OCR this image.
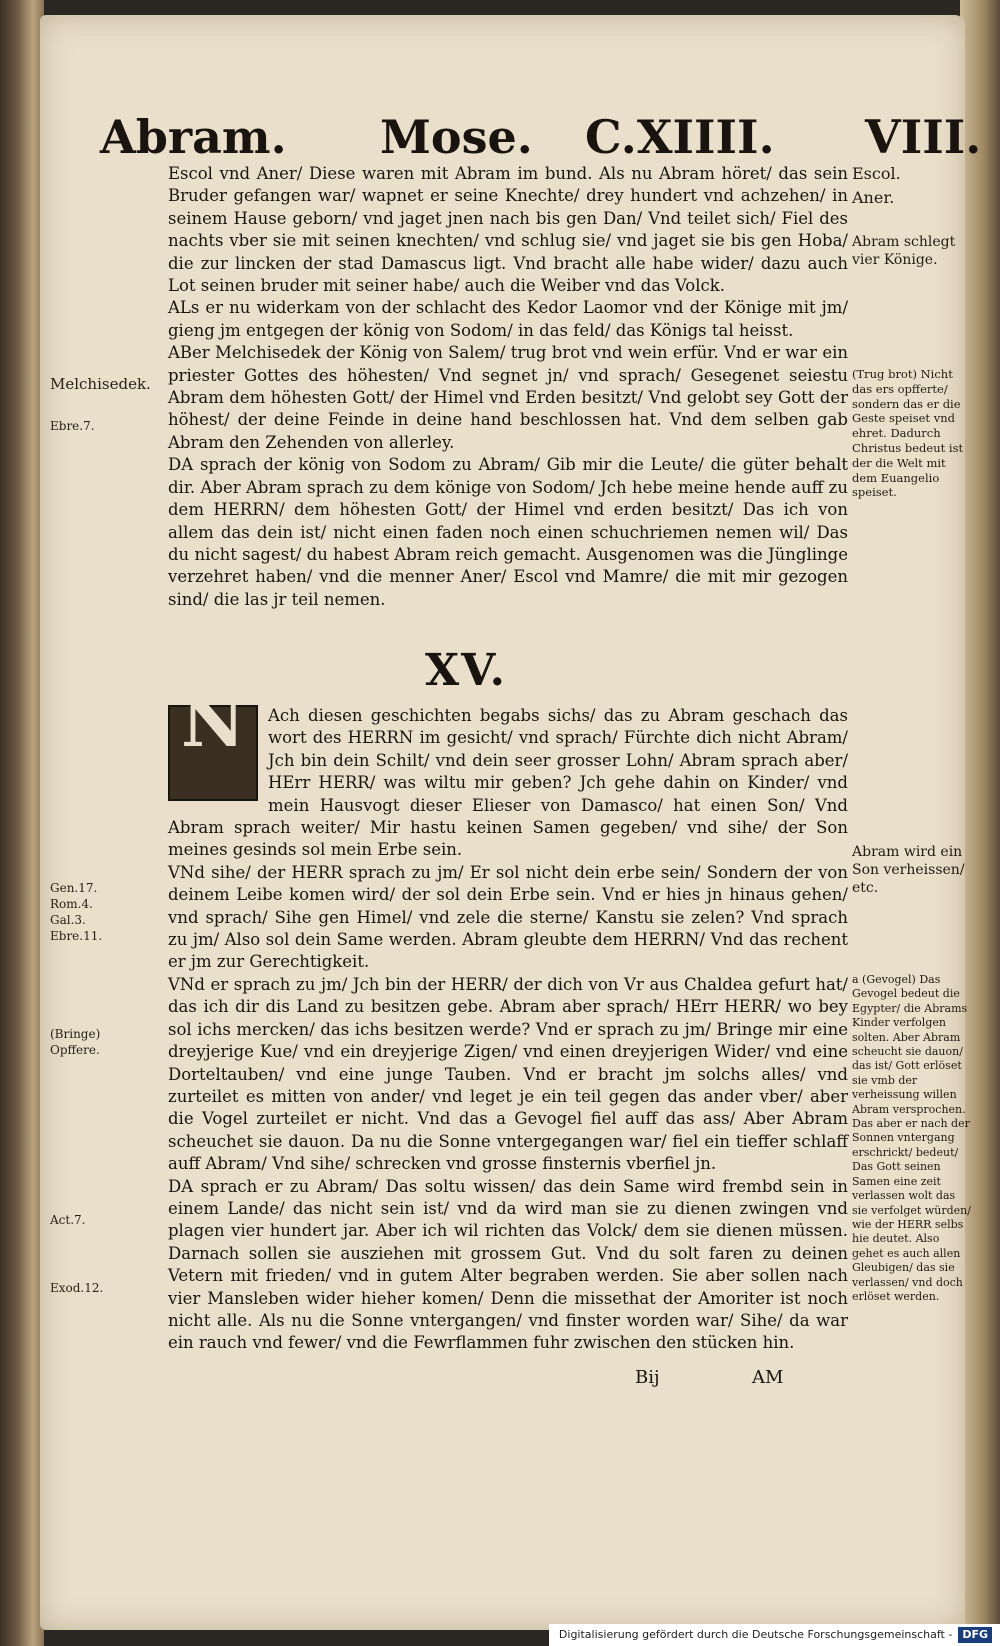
Abram. Mose. C.XIIII. VIII.

Escol vnd Aner/ Diese waren mit Abram im bund. Als nu Abram höret/ das sein Bruder gefangen war/ wapnet er seine Knechte/ drey hundert vnd achzehen/ in seinem Hause geborn/ vnd jaget jnen nach bis gen Dan/ Vnd teilet sich/ Fiel des nachts vber sie mit seinen knechten/ vnd schlug sie/ vnd jaget sie bis gen Hoba/ die zur lincken der stad Damascus ligt. Vnd bracht alle habe wider/ dazu auch Lot seinen bruder mit seiner habe/ auch die Weiber vnd das Volck.

ALs er nu widerkam von der schlacht des Kedor Laomor vnd der Könige mit jm/ gieng jm entgegen der könig von Sodom/ in das feld/ das Königs tal heisst.

ABer Melchisedek der König von Salem/ trug brot vnd wein erfür. Vnd er war ein priester Gottes des höhesten/ Vnd segnet jn/ vnd sprach/ Gesegenet seiestu Abram dem höhesten Gott/ der Himel vnd Erden besitzt/ Vnd gelobt sey Gott der höhest/ der deine Feinde in deine hand beschlossen hat. Vnd dem selben gab Abram den Zehenden von allerley.

DA sprach der könig von Sodom zu Abram/ Gib mir die Leute/ die güter behalt dir. Aber Abram sprach zu dem könige von Sodom/ Jch hebe meine hende auff zu dem HERRN/ dem höhesten Gott/ der Himel vnd erden besitzt/ Das ich von allem das dein ist/ nicht einen faden noch einen schuchriemen nemen wil/ Das du nicht sagest/ du habest Abram reich gemacht. Ausgenomen was die Jünglinge verzehret haben/ vnd die menner Aner/ Escol vnd Mamre/ die mit mir gezogen sind/ die las jr teil nemen.

XV.
N	Ach diesen geschichten begabs sichs/ das zu Abram geschach das wort des HERRN im gesicht/ vnd sprach/ Fürchte dich nicht Abram/ Jch bin dein Schilt/ vnd dein seer grosser Lohn/ Abram sprach aber/ HErr HERR/ was wiltu mir geben? Jch gehe dahin on Kinder/ vnd mein Hausvogt dieser Elieser von Damasco/ hat einen Son/ Vnd Abram sprach weiter/ Mir hastu keinen Samen gegeben/ vnd sihe/ der Son meines gesinds sol mein Erbe sein.

VNd sihe/ der HERR sprach zu jm/ Er sol nicht dein erbe sein/ Sondern der von deinem Leibe komen wird/ der sol dein Erbe sein. Vnd er hies jn hinaus gehen/ vnd sprach/ Sihe gen Himel/ vnd zele die sterne/ Kanstu sie zelen? Vnd sprach zu jm/ Also sol dein Same werden. Abram gleubte dem HERRN/ Vnd das rechent er jm zur Gerechtigkeit.

VNd er sprach zu jm/ Jch bin der HERR/ der dich von Vr aus Chaldea gefurt hat/ das ich dir dis Land zu besitzen gebe. Abram aber sprach/ HErr HERR/ wo bey sol ichs mercken/ das ichs besitzen werde? Vnd er sprach zu jm/ Bringe mir eine dreyjerige Kue/ vnd ein dreyjerige Zigen/ vnd einen dreyjerigen Wider/ vnd eine Dorteltauben/ vnd eine junge Tauben. Vnd er bracht jm solchs alles/ vnd zurteilet es mitten von ander/ vnd leget je ein teil gegen das ander vber/ aber die Vogel zurteilet er nicht. Vnd das a Gevogel fiel auff das ass/ Aber Abram scheuchet sie dauon. Da nu die Sonne vntergegangen war/ fiel ein tieffer schlaff auff Abram/ Vnd sihe/ schrecken vnd grosse finsternis vberfiel jn.

DA sprach er zu Abram/ Das soltu wissen/ das dein Same wird frembd sein in einem Lande/ das nicht sein ist/ vnd da wird man sie zu dienen zwingen vnd plagen vier hundert jar. Aber ich wil richten das Volck/ dem sie dienen müssen. Darnach sollen sie ausziehen mit grossem Gut. Vnd du solt faren zu deinen Vetern mit frieden/ vnd in gutem Alter begraben werden. Sie aber sollen nach vier Mansleben wider hieher komen/ Denn die missethat der Amoriter ist noch nicht alle. Als nu die Sonne vntergangen/ vnd finster worden war/ Sihe/ da war ein rauch vnd fewer/ vnd die Fewrflammen fuhr zwischen den stücken hin.

Bij	AM
Melchisedek.
Ebre.7.
Gen.17.
Rom.4.
Gal.3.
Ebre.11.
(Bringe)
Opffere.
Act.7.
Exod.12.
Escol.
Aner.
Abram schlegt vier Könige.
(Trug brot) Nicht das ers opfferte/ sondern das er die Geste speiset vnd ehret. Dadurch Christus bedeut ist der die Welt mit dem Euangelio speiset.
Abram wird ein Son verheissen/ etc.
a (Gevogel) Das Gevogel bedeut die Egypter/ die Abrams Kinder verfolgen solten. Aber Abram scheucht sie dauon/ das ist/ Gott erlöset sie vmb der verheissung willen Abram versprochen. Das aber er nach der Sonnen vntergang erschrickt/ bedeut/ Das Gott seinen Samen eine zeit verlassen wolt das sie verfolget würden/ wie der HERR selbs hie deutet. Also gehet es auch allen Gleubigen/ das sie verlassen/ vnd doch erlöset werden.
Digitalisierung gefördert durch die Deutsche Forschungsgemeinschaft - DFG
